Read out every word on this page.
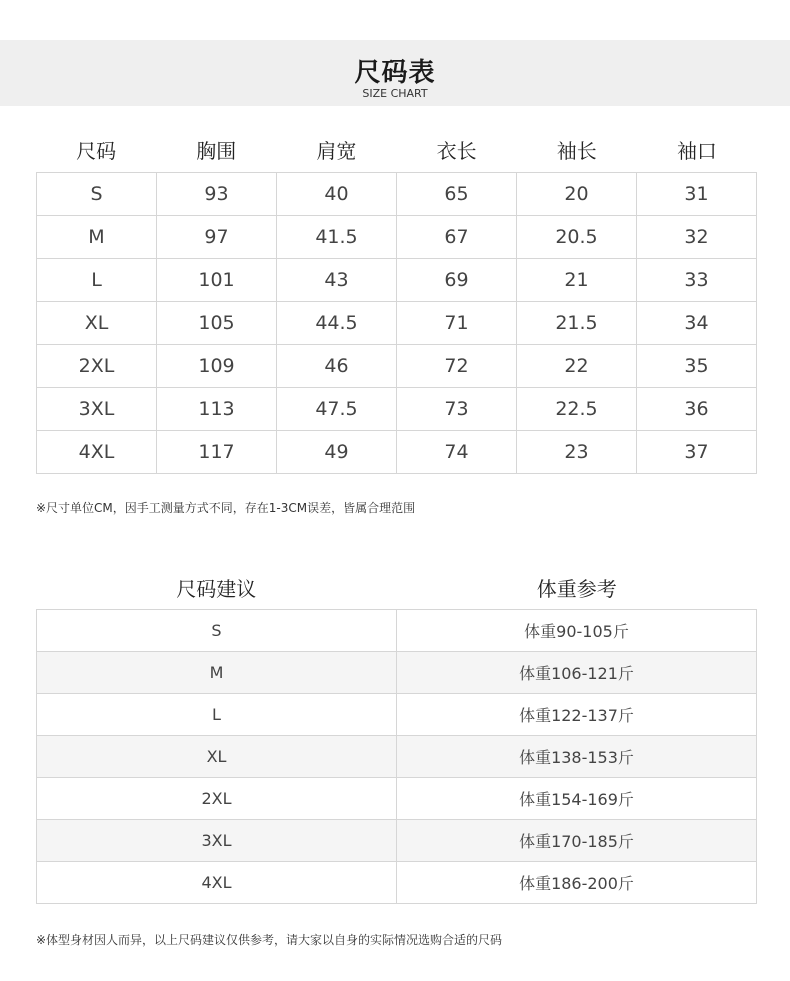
尺码表
SIZE CHART
尺码	胸围	肩宽	衣长	袖长	袖口
S	93	40	65	20	31
M	97	41.5	67	20.5	32
L	101	43	69	21	33
XL	105	44.5	71	21.5	34
2XL	109	46	72	22	35
3XL	113	47.5	73	22.5	36
4XL	117	49	74	23	37
※尺寸单位CM，因手工测量方式不同，存在1-3CM误差，皆属合理范围
尺码建议	体重参考
S	体重90-105斤
M	体重106-121斤
L	体重122-137斤
XL	体重138-153斤
2XL	体重154-169斤
3XL	体重170-185斤
4XL	体重186-200斤
※体型身材因人而异，以上尺码建议仅供参考，请大家以自身的实际情况选购合适的尺码
